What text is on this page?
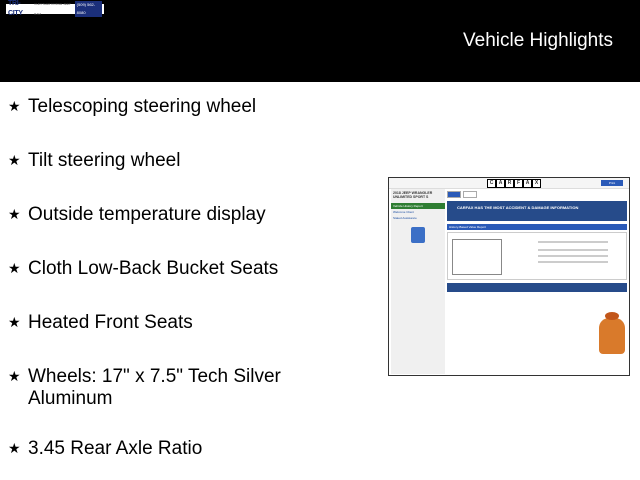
TRI-CITY
CHRYSLER DODGE JEEP RAM
(509) 562-8080
Vehicle Highlights
★ Telescoping steering wheel
★ Tilt steering wheel
★ Outside temperature display
★ Cloth Low-Back Bucket Seats
★ Heated Front Seats
★ Wheels: 17" x 7.5" Tech Silver Aluminum
★ 3.45 Rear Axle Ratio
C	A	R	F	A	X	Print
2018 JEEP WRANGLER UNLIMITED SPORT S
Vehicle History Report
Welcome Client
Stated Assistance
CARFAX HAS THE MOST ACCIDENT & DAMAGE INFORMATION
History-Based Value Report
